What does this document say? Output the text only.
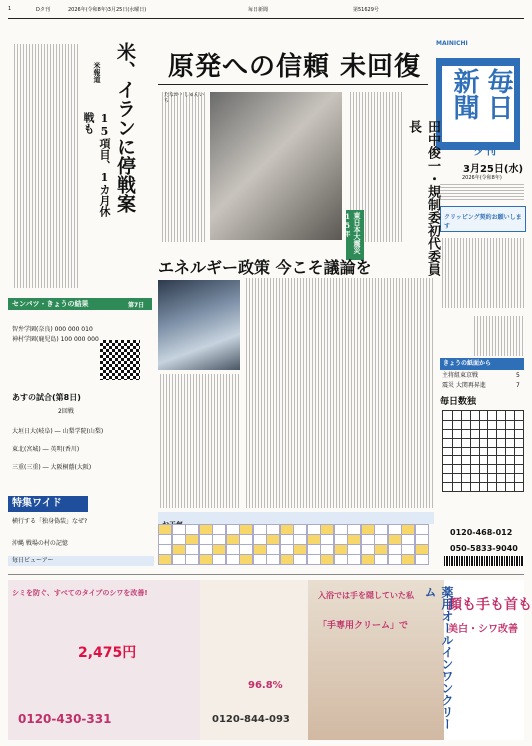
1	Dタ刊	2026年(令和8年)3月25日(水曜日)	毎日新聞	第51629号
MAINICHI
毎日
新聞
夕刊
3月25日(水)
2026年(令和8年)
クリッピング契約お願いします
きょうの紙面から
主将組東京戦	5
震災 大関再昇進	7
毎日数独
0120-468-012
050-5833-9040
原発への信頼 未回復
田中俊一・規制委初代委員長
東日本大震災 15年
たなか・しゅんいち
エネルギー政策 今こそ議論を
米、イランに停戦案
米報道
15項目、1カ月休戦も
センバツ・きょうの結果	第7日
智弁学園(奈良) 000 000 010
神村学園(鹿児島) 100 000 000
あすの試合(第8日)
2回戦
大垣日大(岐阜) ― 山梨学院(山梨)
東北(宮城) ― 英明(香川)
三重(三重) ― 大阪桐蔭(大阪)
特集ワイド
横行する「独身偽装」なぜ?
沖縄 戦場の村の記憶
毎日ビューアー
シミを防ぐ、すべてのタイプのシワを改善!
2,475円
0120-430-331
96.8%
0120-844-093
入浴では手を隠していた私
「手専用クリーム」で
顔も手も首も
美白・シワ改善
薬用オールインワンクリーム
